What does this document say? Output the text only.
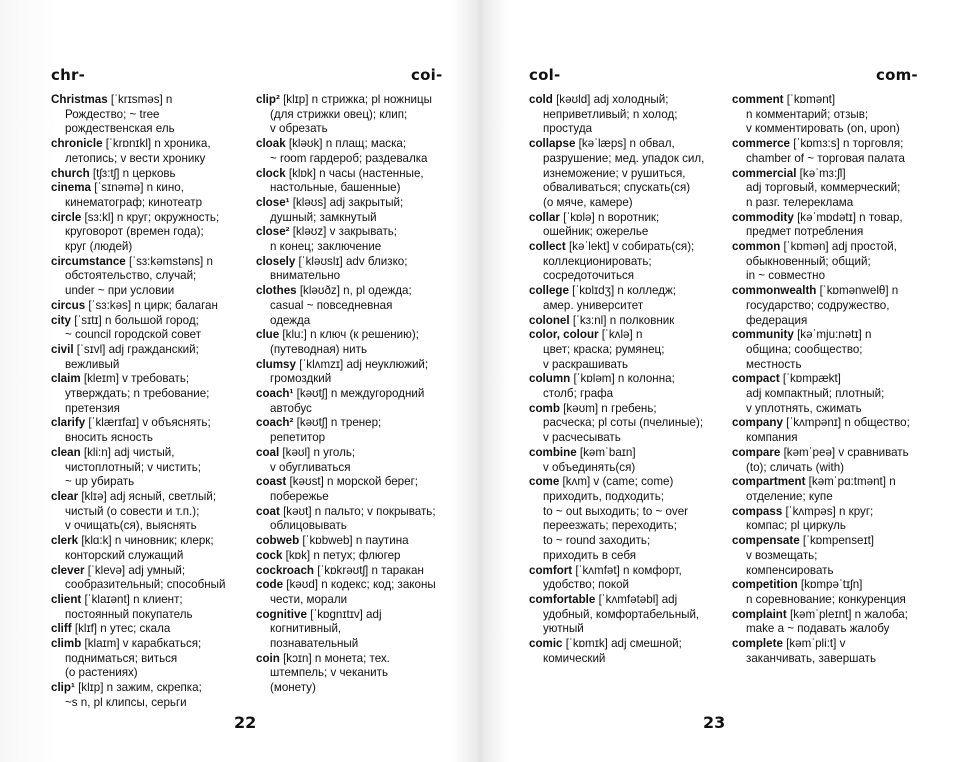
chr-	coi-	col-	com-
Christmas [ˈkrɪsməs] n
Рождество; ~ tree
рождественская ель
chronicle [ˈkrɒnɪkl] n хроника,
летопись; v вести хронику
church [tʃɜ:tʃ] n церковь
cinema [ˈsɪnəmə] n кино,
кинематограф; кинотеатр
circle [sɜ:kl] n круг; окружность;
круговорот (времен года);
круг (людей)
circumstance [ˈsɜ:kəmstəns] n
обстоятельство, случай;
under ~ при условии
circus [ˈsɜ:kəs] n цирк; балаган
city [ˈsɪtɪ] n большой город;
~ council городской совет
civil [ˈsɪvl] adj гражданский;
вежливый
claim [kleɪm] v требовать;
утверждать; n требование;
претензия
clarify [ˈklærɪfaɪ] v объяснять;
вносить ясность
clean [kli:n] adj чистый,
чистоплотный; v чистить;
~ up убирать
clear [klɪə] adj ясный, светлый;
чистый (о совести и т.п.);
v очищать(ся), выяснять
clerk [klɑ:k] n чиновник; клерк;
конторский служащий
clever [ˈklevə] adj умный;
сообразительный; способный
client [ˈklaɪənt] n клиент;
постоянный покупатель
cliff [klɪf] n утес; скала
climb [klaɪm] v карабкаться;
подниматься; виться
(о растениях)
clip¹ [klɪp] n зажим, скрепка;
~s n, pl клипсы, серьги
clip² [klɪp] n стрижка; pl ножницы
(для стрижки овец); клип;
v обрезать
cloak [kləʊk] n плащ; маска;
~ room гардероб; раздевалка
clock [klɒk] n часы (настенные,
настольные, башенные)
close¹ [kləʊs] adj закрытый;
душный; замкнутый
close² [kləʊz] v закрывать;
n конец; заключение
closely [ˈkləʊslɪ] adv близко;
внимательно
clothes [kləʊðz] n, pl одежда;
casual ~ повседневная
одежда
clue [klu:] n ключ (к решению);
(путеводная) нить
clumsy [ˈklʌmzɪ] adj неуклюжий;
громоздкий
coach¹ [kəʊtʃ] n междугородний
автобус
coach² [kəʊtʃ] n тренер;
репетитор
coal [kəʊl] n уголь;
v обугливаться
coast [kəʊst] n морской берег;
побережье
coat [kəʊt] n пальто; v покрывать;
облицовывать
cobweb [ˈkɒbweb] n паутина
cock [kɒk] n петух; флюгер
cockroach [ˈkɒkrəʊtʃ] n таракан
code [kəʊd] n кодекс; код; законы
чести, морали
cognitive [ˈkɒgnɪtɪv] adj
когнитивный,
познавательный
coin [kɔɪn] n монета; тех.
штемпель; v чеканить
(монету)
cold [kəʊld] adj холодный;
неприветливый; n холод;
простуда
collapse [kəˈlæps] n обвал,
разрушение; мед. упадок сил,
изнеможение; v рушиться,
обваливаться; спускать(ся)
(о мяче, камере)
collar [ˈkɒlə] n воротник;
ошейник; ожерелье
collect [kəˈlekt] v собирать(ся);
коллекционировать;
сосредоточиться
college [ˈkɒlɪdʒ] n колледж;
амер. университет
colonel [ˈkɜ:nl] n полковник
color, colour [ˈkʌlə] n
цвет; краска; румянец;
v раскрашивать
column [ˈkɒləm] n колонна;
столб; графа
comb [kəʊm] n гребень;
расческа; pl соты (пчелиные);
v расчесывать
combine [kəmˈbaɪn]
v объединять(ся)
come [kʌm] v (came; come)
приходить, подходить;
to ~ out выходить; to ~ over
переезжать; переходить;
to ~ round заходить;
приходить в себя
comfort [ˈkʌmfət] n комфорт,
удобство; покой
comfortable [ˈkʌmfətəbl] adj
удобный, комфортабельный,
уютный
comic [ˈkɒmɪk] adj смешной;
комический
comment [ˈkɒmənt]
n комментарий; отзыв;
v комментировать (on, upon)
commerce [ˈkɒmɜ:s] n торговля;
chamber of ~ торговая палата
commercial [kəˈmɜ:ʃl]
adj торговый, коммерческий;
n разг. телереклама
commodity [kəˈmɒdətɪ] n товар,
предмет потребления
common [ˈkɒmən] adj простой,
обыкновенный; общий;
in ~ совместно
commonwealth [ˈkɒmənwelθ] n
государство; содружество,
федерация
community [kəˈmju:nətɪ] n
община; сообщество;
местность
compact [ˈkɒmpækt]
adj компактный; плотный;
v уплотнять, сжимать
company [ˈkʌmpənɪ] n общество;
компания
compare [kəmˈpeə] v сравнивать
(to); сличать (with)
compartment [kəmˈpɑ:tmənt] n
отделение; купе
compass [ˈkʌmpəs] n круг;
компас; pl циркуль
compensate [ˈkɒmpenseɪt]
v возмещать;
компенсировать
competition [kɒmpəˈtɪʃn]
n соревнование; конкуренция
complaint [kəmˈpleɪnt] n жалоба;
make a ~ подавать жалобу
complete [kəmˈpli:t] v
заканчивать, завершать
22	23
